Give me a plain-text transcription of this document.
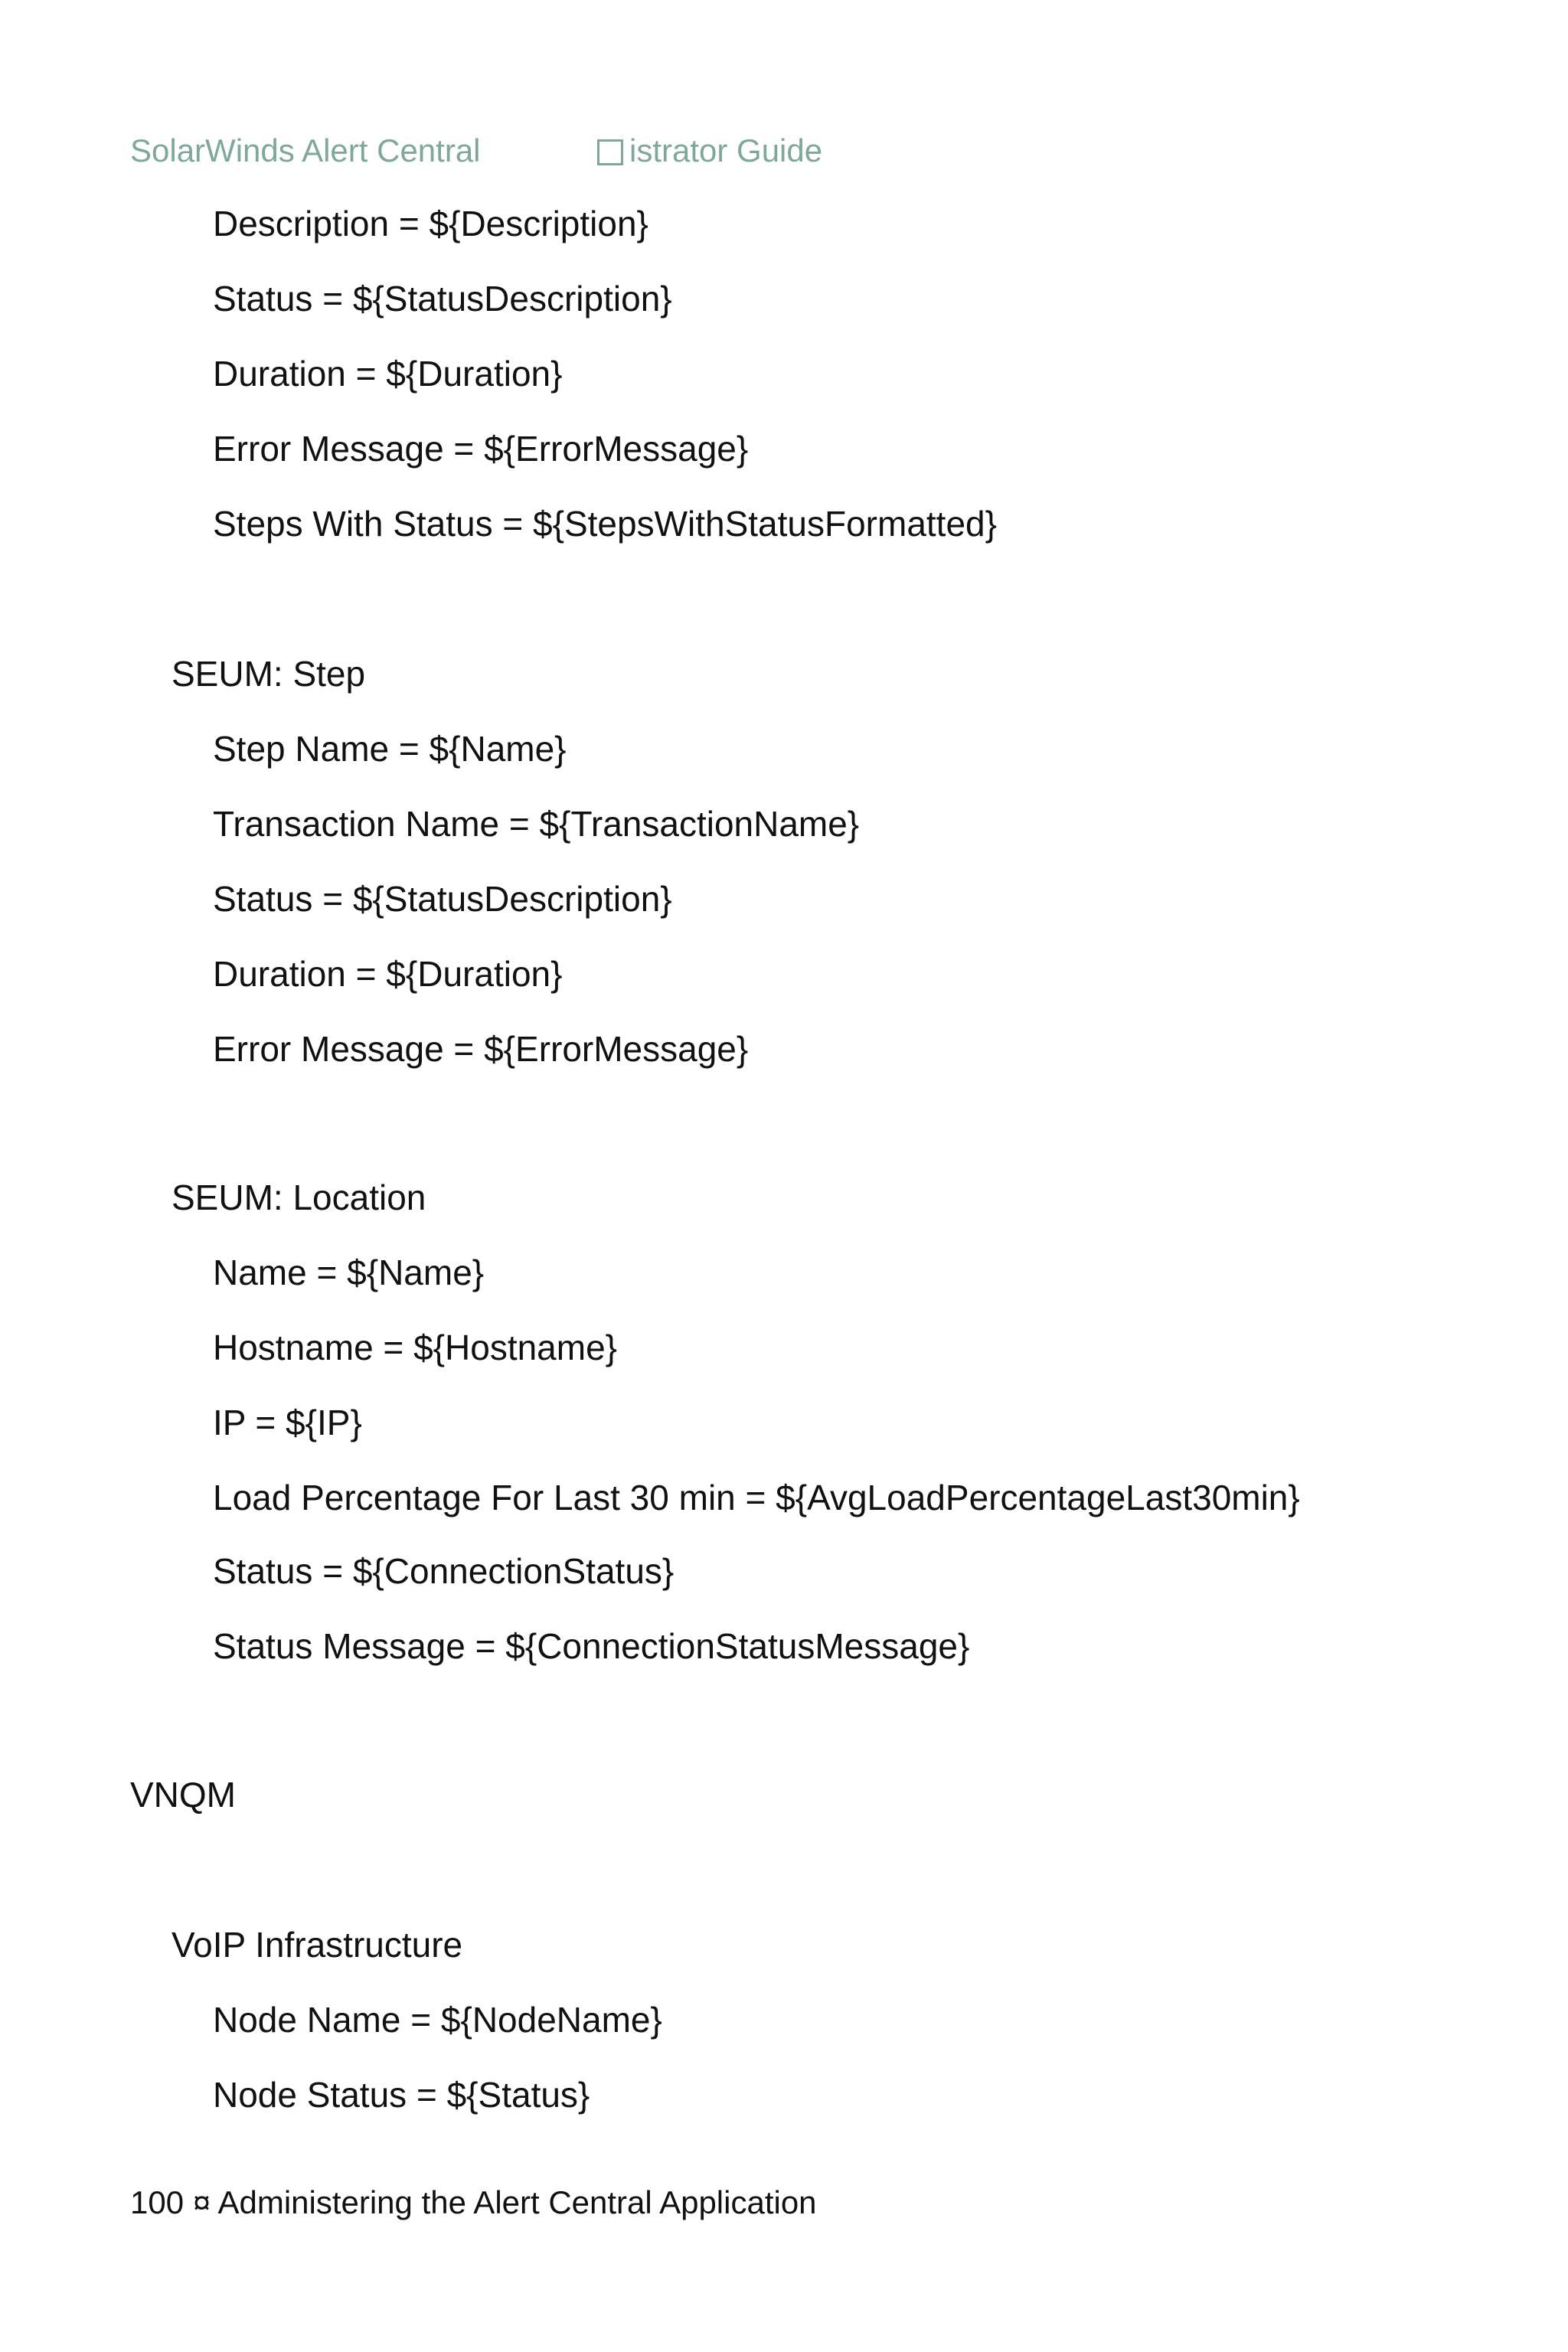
SolarWinds Alert Central	istrator Guide
Description = ${Description}
Status = ${StatusDescription}
Duration = ${Duration}
Error Message = ${ErrorMessage}
Steps With Status = ${StepsWithStatusFormatted}
SEUM: Step
Step Name = ${Name}
Transaction Name = ${TransactionName}
Status = ${StatusDescription}
Duration = ${Duration}
Error Message = ${ErrorMessage}
SEUM: Location
Name = ${Name}
Hostname = ${Hostname}
IP = ${IP}
Load Percentage For Last 30 min = ${AvgLoadPercentageLast30min}
Status = ${ConnectionStatus}
Status Message = ${ConnectionStatusMessage}
VNQM
VoIP Infrastructure
Node Name = ${NodeName}
Node Status = ${Status}
100 ¤ Administering the Alert Central Application
